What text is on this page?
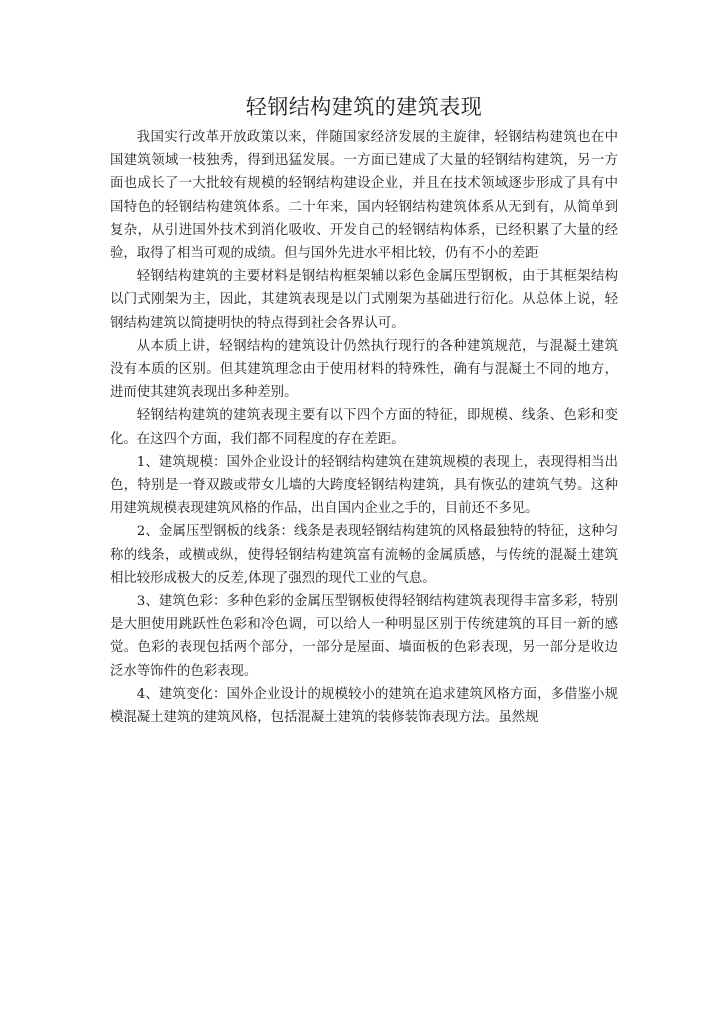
轻钢结构建筑的建筑表现

我国实行改革开放政策以来，伴随国家经济发展的主旋律，轻钢结构建筑也在中国建筑领域一枝独秀，得到迅猛发展。一方面已建成了大量的轻钢结构建筑，另一方面也成长了一大批较有规模的轻钢结构建设企业，并且在技术领域逐步形成了具有中国特色的轻钢结构建筑体系。二十年来，国内轻钢结构建筑体系从无到有，从简单到复杂，从引进国外技术到消化吸收、开发自己的轻钢结构体系，已经积累了大量的经验，取得了相当可观的成绩。但与国外先进水平相比较，仍有不小的差距

轻钢结构建筑的主要材料是钢结构框架辅以彩色金属压型钢板，由于其框架结构以门式刚架为主，因此，其建筑表现是以门式刚架为基础进行衍化。从总体上说，轻钢结构建筑以简捷明快的特点得到社会各界认可。

从本质上讲，轻钢结构的建筑设计仍然执行现行的各种建筑规范，与混凝土建筑没有本质的区别。但其建筑理念由于使用材料的特殊性，确有与混凝土不同的地方，进而使其建筑表现出多种差别。

轻钢结构建筑的建筑表现主要有以下四个方面的特征，即规模、线条、色彩和变化。在这四个方面，我们都不同程度的存在差距。

1、建筑规模：国外企业设计的轻钢结构建筑在建筑规模的表现上，表现得相当出色，特别是一脊双跛或带女儿墙的大跨度轻钢结构建筑，具有恢弘的建筑气势。这种用建筑规模表现建筑风格的作品，出自国内企业之手的，目前还不多见。

2、金属压型钢板的线条：线条是表现轻钢结构建筑的风格最独特的特征，这种匀称的线条，或横或纵，使得轻钢结构建筑富有流畅的金属质感，与传统的混凝土建筑相比较形成极大的反差,体现了强烈的现代工业的气息。

3、建筑色彩：多种色彩的金属压型钢板使得轻钢结构建筑表现得丰富多彩，特别是大胆使用跳跃性色彩和冷色调，可以给人一种明显区别于传统建筑的耳目一新的感觉。色彩的表现包括两个部分，一部分是屋面、墙面板的色彩表现，另一部分是收边泛水等饰件的色彩表现。

4、建筑变化：国外企业设计的规模较小的建筑在追求建筑风格方面，多借鉴小规模混凝土建筑的建筑风格，包括混凝土建筑的装修装饰表现方法。虽然规
